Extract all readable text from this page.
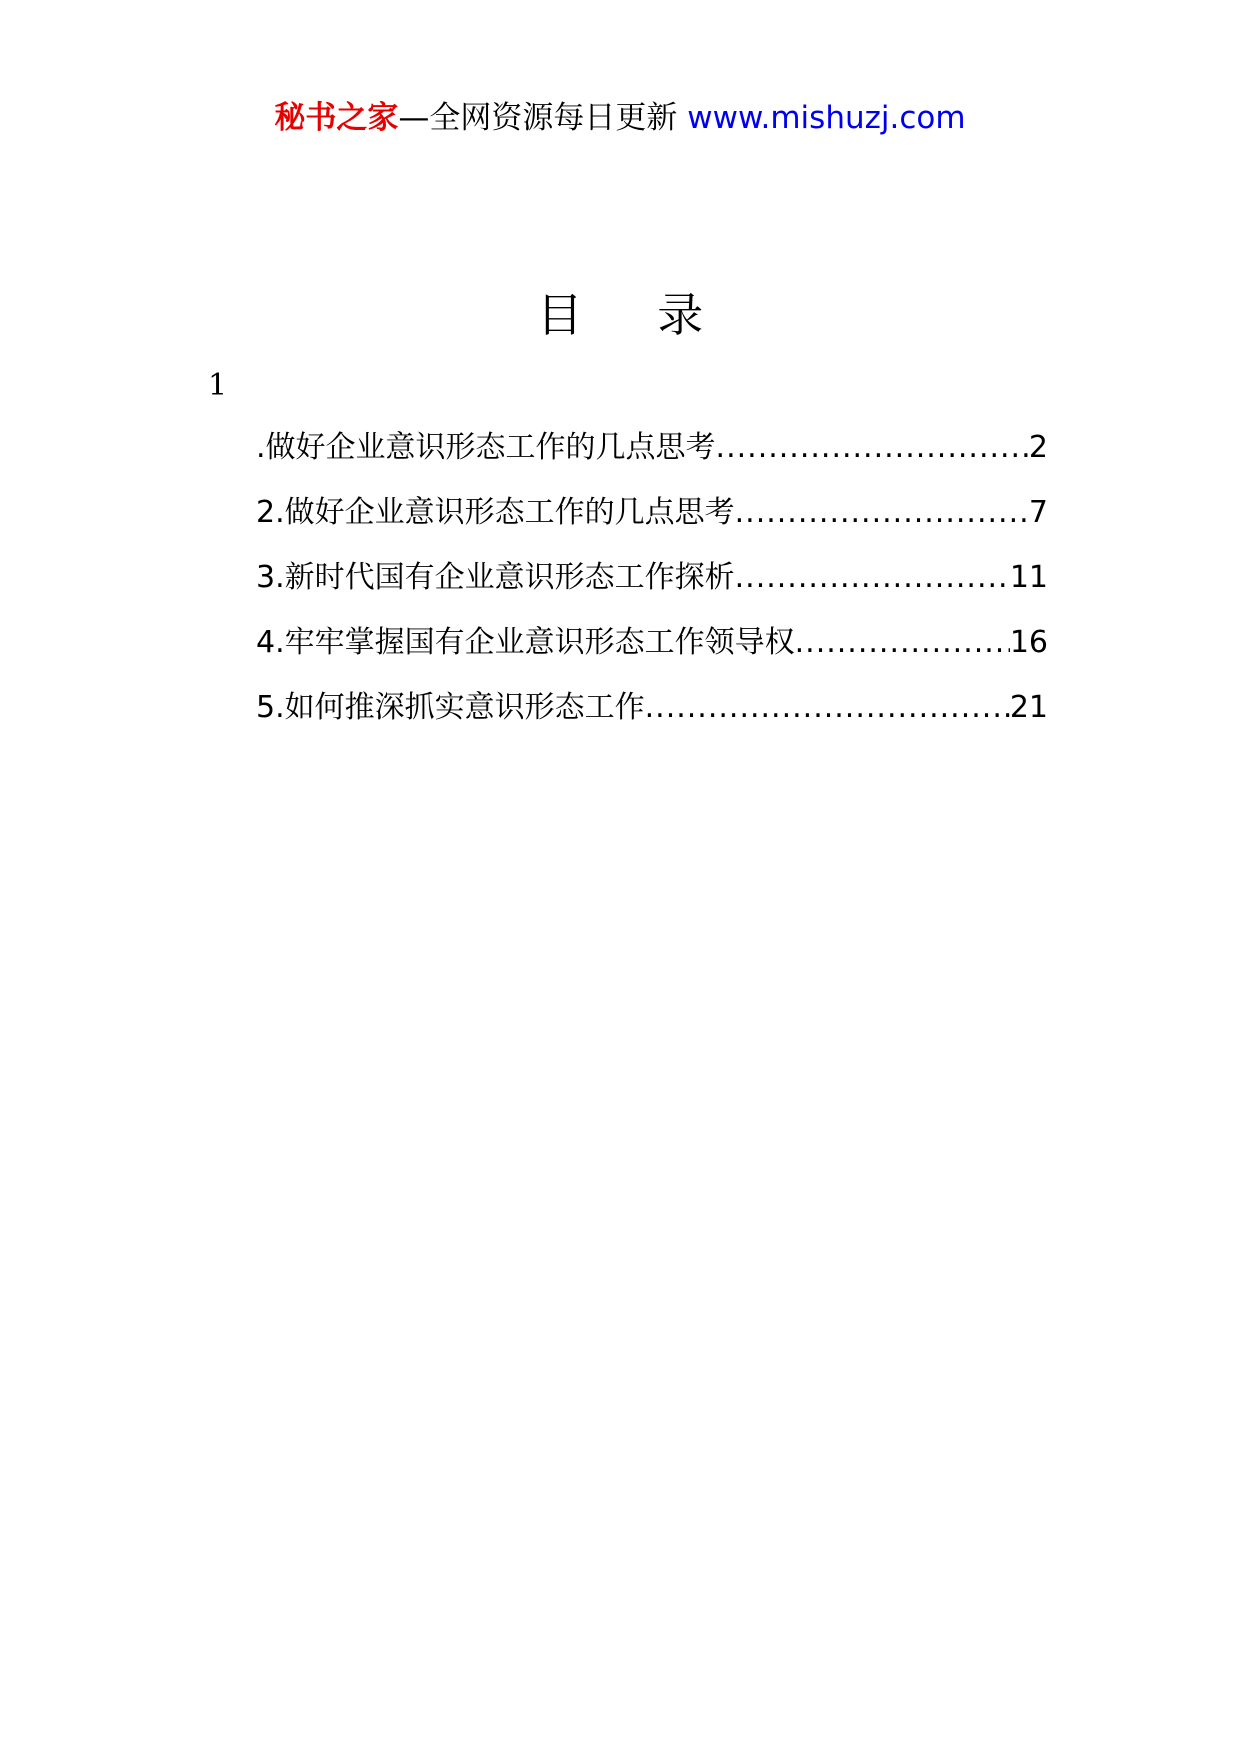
秘书之家—全网资源每日更新 www.mishuzj.com
目 录
1
.做好企业意识形态工作的几点思考 .....	2
2.做好企业意识形态工作的几点思考 .....	7
3.新时代国有企业意识形态工作探析 .....	11
4.牢牢掌握国有企业意识形态工作领导权 .....	16
5.如何推深抓实意识形态工作 .....	21
